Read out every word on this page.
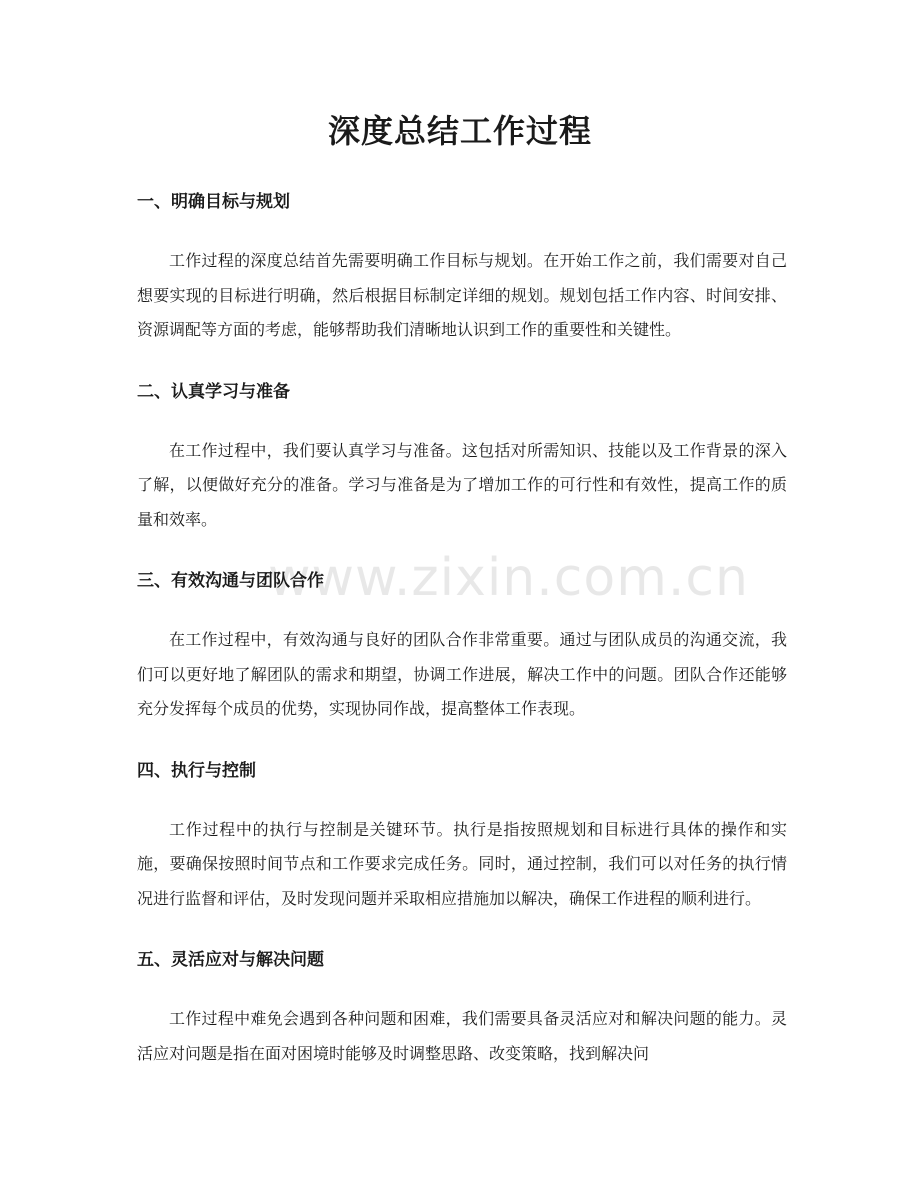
深度总结工作过程
www.zixin.com.cn
一、明确目标与规划

工作过程的深度总结首先需要明确工作目标与规划。在开始工作之前，我们需要对自己想要实现的目标进行明确，然后根据目标制定详细的规划。规划包括工作内容、时间安排、资源调配等方面的考虑，能够帮助我们清晰地认识到工作的重要性和关键性。

二、认真学习与准备

在工作过程中，我们要认真学习与准备。这包括对所需知识、技能以及工作背景的深入了解，以便做好充分的准备。学习与准备是为了增加工作的可行性和有效性，提高工作的质量和效率。

三、有效沟通与团队合作

在工作过程中，有效沟通与良好的团队合作非常重要。通过与团队成员的沟通交流，我们可以更好地了解团队的需求和期望，协调工作进展，解决工作中的问题。团队合作还能够充分发挥每个成员的优势，实现协同作战，提高整体工作表现。

四、执行与控制

工作过程中的执行与控制是关键环节。执行是指按照规划和目标进行具体的操作和实施，要确保按照时间节点和工作要求完成任务。同时，通过控制，我们可以对任务的执行情况进行监督和评估，及时发现问题并采取相应措施加以解决，确保工作进程的顺利进行。

五、灵活应对与解决问题

工作过程中难免会遇到各种问题和困难，我们需要具备灵活应对和解决问题的能力。灵活应对问题是指在面对困境时能够及时调整思路、改变策略，找到解决问
